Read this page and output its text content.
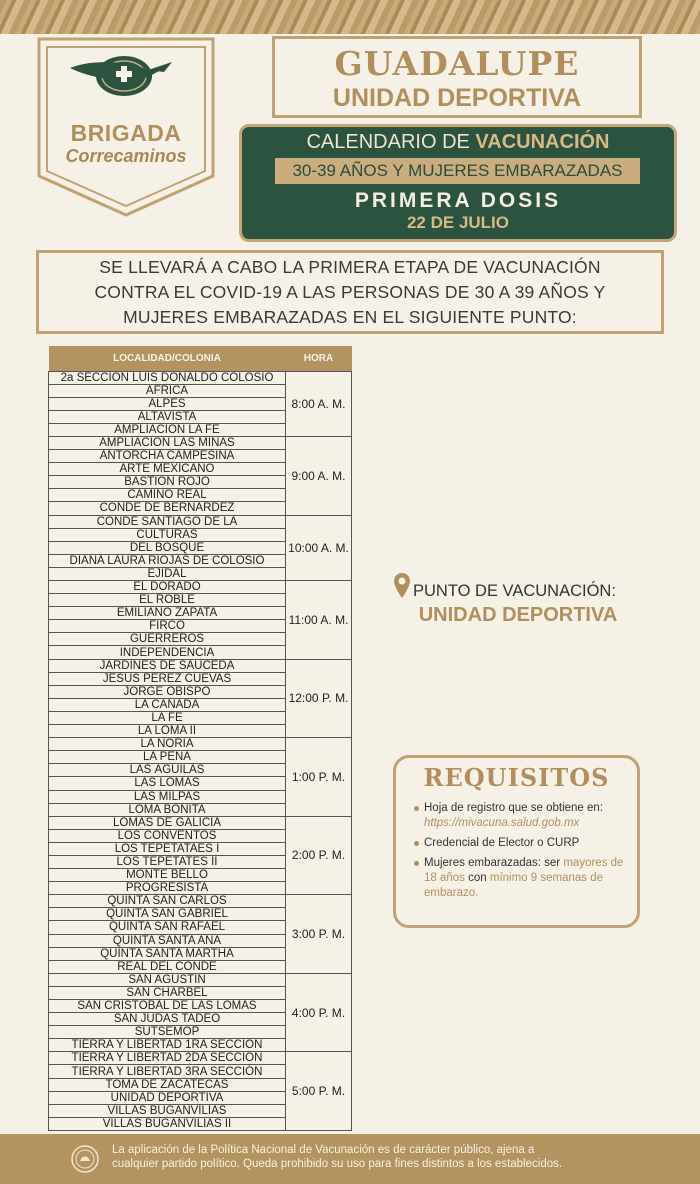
BRIGADA
Correcaminos
GUADALUPE
UNIDAD DEPORTIVA
CALENDARIO DE VACUNACIÓN
30-39 AÑOS Y MUJERES EMBARAZADAS
PRIMERA DOSIS
22 DE JULIO
SE LLEVARÁ A CABO LA PRIMERA ETAPA DE VACUNACIÓN
CONTRA EL COVID-19 A LAS PERSONAS DE 30 A 39 AÑOS Y
MUJERES EMBARAZADAS EN EL SIGUIENTE PUNTO:
LOCALIDAD/COLONIA	HORA
2a SECCIÓN LUIS DONALDO COLOSIO	8:00 A. M.
ÁFRICA	
ALPES	
ALTAVISTA	
AMPLIACIÓN LA FE	
AMPLIACIÓN LAS MINAS	9:00 A. M.
ANTORCHA CAMPESINA	
ARTE MEXICANO	
BASTIÓN ROJO	
CAMINO REAL	
CONDE DE BERNÁRDEZ	
CONDE SANTIAGO DE LA	10:00 A. M.
CULTURAS	
DEL BOSQUE	
DIANA LAURA RIOJAS DE COLOSIO	
EJIDAL	
EL DORADO	11:00 A. M.
EL ROBLE	
EMILIANO ZAPATA	
FIRCO	
GUERREROS	
INDEPENDENCIA	
JARDINES DE SAUCEDA	12:00 P. M.
JESÚS PÉREZ CUEVAS	
JORGE OBISPO	
LA CAÑADA	
LA FE	
LA LOMA II	
LA NORIA	1:00 P. M.
LA PEÑA	
LAS ÁGUILAS	
LAS LOMAS	
LAS MILPAS	
LOMA BONITA	
LOMAS DE GALICIA	2:00 P. M.
LOS CONVENTOS	
LOS TEPETATAES I	
LOS TEPETATES II	
MONTE BELLO	
PROGRESISTA	
QUINTA SAN CARLOS	3:00 P. M.
QUINTA SAN GABRIEL	
QUINTA SAN RAFAEL	
QUINTA SANTA ANA	
QUINTA SANTA MARTHA	
REAL DEL CONDE	
SAN AGUSTÍN	4:00 P. M.
SAN CHARBEL	
SAN CRISTÓBAL DE LAS LOMAS	
SAN JUDAS TADEO	
SUTSEMOP	
TIERRA Y LIBERTAD 1RA SECCIÓN	
TIERRA Y LIBERTAD 2DA SECCIÓN	5:00 P. M.
TIERRA Y LIBERTAD 3RA SECCIÓN	
TOMA DE ZACATECAS	
UNIDAD DEPORTIVA	
VILLAS BUGANVILIAS	
VILLAS BUGANVILIAS II	
PUNTO DE VACUNACIÓN:
UNIDAD DEPORTIVA
REQUISITOS
Hoja de registro que se obtiene en: https://mivacuna.salud.gob.mx
Credencial de Elector o CURP
Mujeres embarazadas: ser mayores de 18 años con mínimo 9 semanas de embarazo.
La aplicación de la Política Nacional de Vacunación es de carácter público, ajena a
cualquier partido político. Queda prohibido su uso para fines distintos a los establecidos.
